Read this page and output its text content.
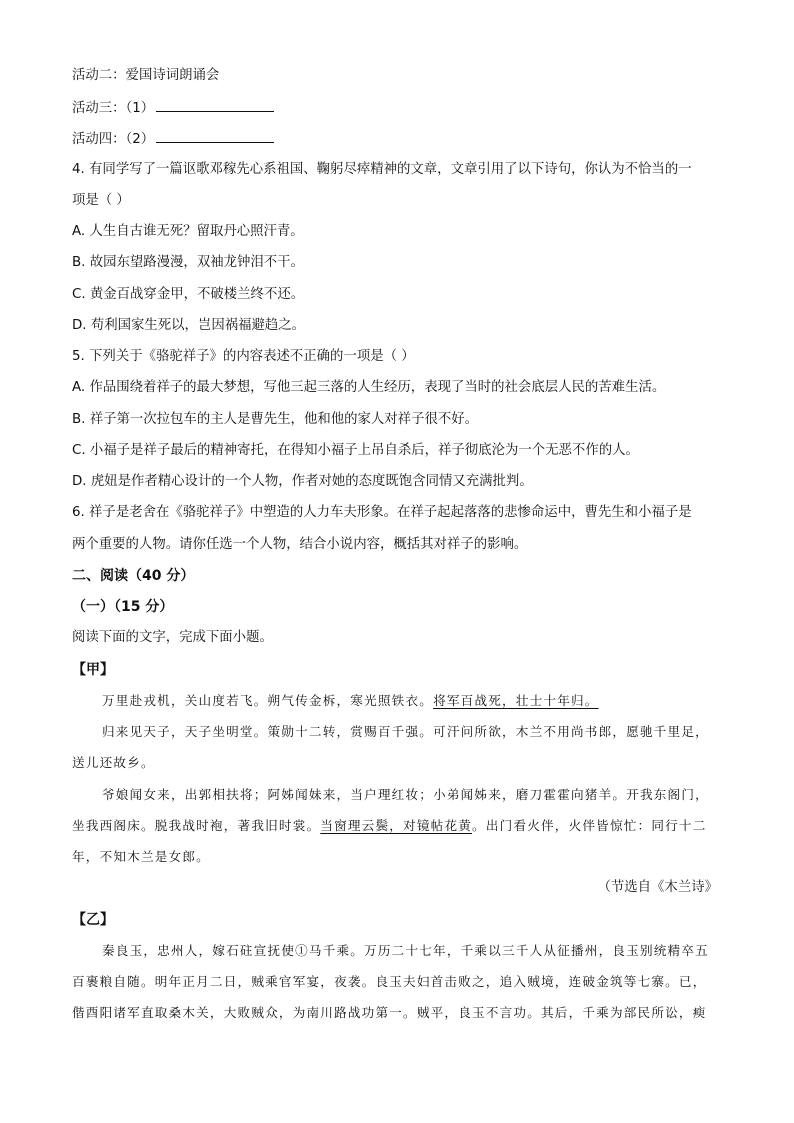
活动二：爱国诗词朗诵会
活动三：（1）
活动四：（2）
4. 有同学写了一篇讴歌邓稼先心系祖国、鞠躬尽瘁精神的文章，文章引用了以下诗句，你认为不恰当的一
项是（ ）
A. 人生自古谁无死？留取丹心照汗青。
B. 故园东望路漫漫，双袖龙钟泪不干。
C. 黄金百战穿金甲，不破楼兰终不还。
D. 苟利国家生死以，岂因祸福避趋之。
5. 下列关于《骆驼祥子》的内容表述不正确的一项是（ ）
A. 作品围绕着祥子的最大梦想，写他三起三落的人生经历，表现了当时的社会底层人民的苦难生活。
B. 祥子第一次拉包车的主人是曹先生，他和他的家人对祥子很不好。
C. 小福子是祥子最后的精神寄托，在得知小福子上吊自杀后，祥子彻底沦为一个无恶不作的人。
D. 虎妞是作者精心设计的一个人物，作者对她的态度既饱含同情又充满批判。
6. 祥子是老舍在《骆驼祥子》中塑造的人力车夫形象。在祥子起起落落的悲惨命运中，曹先生和小福子是
两个重要的人物。请你任选一个人物，结合小说内容，概括其对祥子的影响。
二、阅读（40 分）
（一）（15 分）
阅读下面的文字，完成下面小题。
【甲】
万里赴戎机，关山度若飞。朔气传金柝，寒光照铁衣。将军百战死，壮士十年归。
归来见天子，天子坐明堂。策勋十二转，赏赐百千强。可汗问所欲，木兰不用尚书郎，愿驰千里足，
送儿还故乡。
爷娘闻女来，出郭相扶将；阿姊闻妹来，当户理红妆；小弟闻姊来，磨刀霍霍向猪羊。开我东阁门，
坐我西阁床。脱我战时袍，著我旧时裳。当窗理云鬓，对镜帖花黄。出门看火伴，火伴皆惊忙：同行十二
年，不知木兰是女郎。
（节选自《木兰诗》
【乙】
秦良玉，忠州人，嫁石砫宣抚使①马千乘。万历二十七年，千乘以三千人从征播州，良玉别统精卒五
百裹粮自随。明年正月二日，贼乘官军宴，夜袭。良玉夫妇首击败之，追入贼境，连破金筑等七寨。已，
偕酉阳诸军直取桑木关，大败贼众，为南川路战功第一。贼平，良玉不言功。其后，千乘为部民所讼，瘐
